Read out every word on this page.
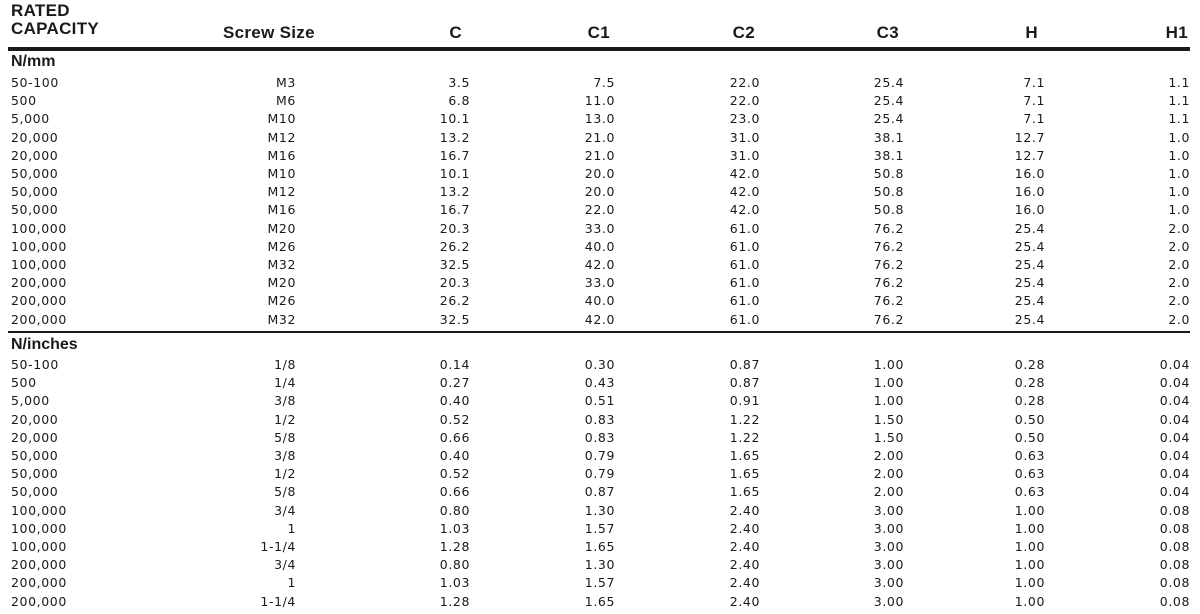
RATED
CAPACITY	Screw Size	C	C1	C2	C3	H	H1
N/mm
50-100	M3	3.5	7.5	22.0	25.4	7.1	1.1
500	M6	6.8	11.0	22.0	25.4	7.1	1.1
5,000	M10	10.1	13.0	23.0	25.4	7.1	1.1
20,000	M12	13.2	21.0	31.0	38.1	12.7	1.0
20,000	M16	16.7	21.0	31.0	38.1	12.7	1.0
50,000	M10	10.1	20.0	42.0	50.8	16.0	1.0
50,000	M12	13.2	20.0	42.0	50.8	16.0	1.0
50,000	M16	16.7	22.0	42.0	50.8	16.0	1.0
100,000	M20	20.3	33.0	61.0	76.2	25.4	2.0
100,000	M26	26.2	40.0	61.0	76.2	25.4	2.0
100,000	M32	32.5	42.0	61.0	76.2	25.4	2.0
200,000	M20	20.3	33.0	61.0	76.2	25.4	2.0
200,000	M26	26.2	40.0	61.0	76.2	25.4	2.0
200,000	M32	32.5	42.0	61.0	76.2	25.4	2.0
N/inches
50-100	1/8	0.14	0.30	0.87	1.00	0.28	0.04
500	1/4	0.27	0.43	0.87	1.00	0.28	0.04
5,000	3/8	0.40	0.51	0.91	1.00	0.28	0.04
20,000	1/2	0.52	0.83	1.22	1.50	0.50	0.04
20,000	5/8	0.66	0.83	1.22	1.50	0.50	0.04
50,000	3/8	0.40	0.79	1.65	2.00	0.63	0.04
50,000	1/2	0.52	0.79	1.65	2.00	0.63	0.04
50,000	5/8	0.66	0.87	1.65	2.00	0.63	0.04
100,000	3/4	0.80	1.30	2.40	3.00	1.00	0.08
100,000	1	1.03	1.57	2.40	3.00	1.00	0.08
100,000	1-1/4	1.28	1.65	2.40	3.00	1.00	0.08
200,000	3/4	0.80	1.30	2.40	3.00	1.00	0.08
200,000	1	1.03	1.57	2.40	3.00	1.00	0.08
200,000	1-1/4	1.28	1.65	2.40	3.00	1.00	0.08
